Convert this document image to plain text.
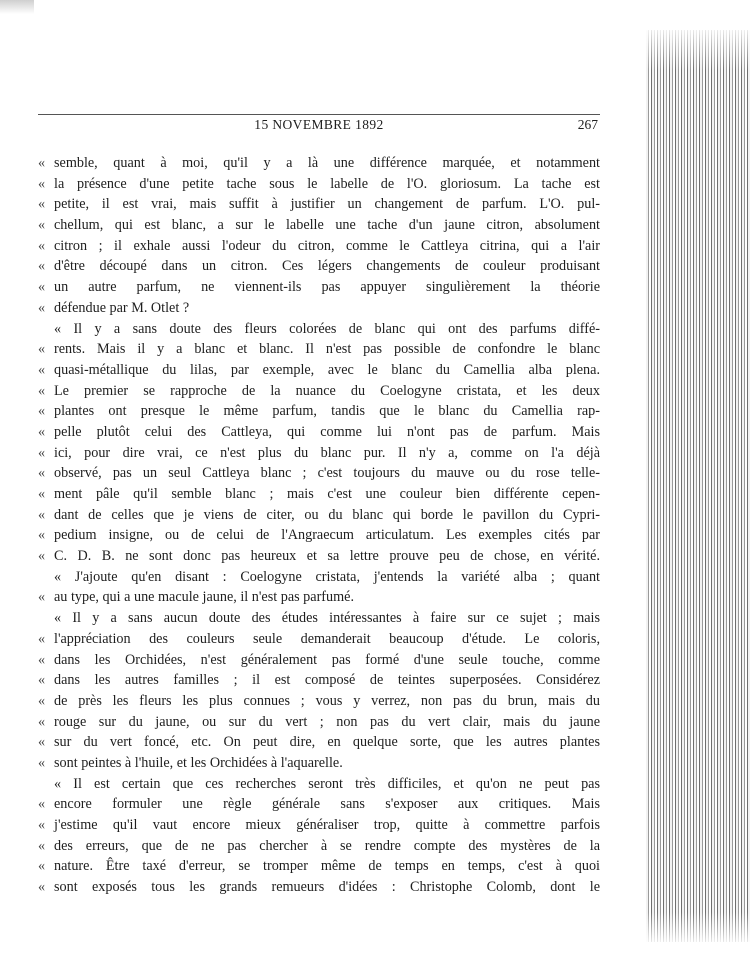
15 NOVEMBRE 1892	267
« semble, quant à moi, qu'il y a là une différence marquée, et notamment
« la présence d'une petite tache sous le labelle de l'O. gloriosum. La tache est
« petite, il est vrai, mais suffit à justifier un changement de parfum. L'O. pul-
« chellum, qui est blanc, a sur le labelle une tache d'un jaune citron, absolument
« citron ; il exhale aussi l'odeur du citron, comme le Cattleya citrina, qui a l'air
« d'être découpé dans un citron. Ces légers changements de couleur produisant
« un autre parfum, ne viennent-ils pas appuyer singulièrement la théorie
« défendue par M. Otlet ?
« Il y a sans doute des fleurs colorées de blanc qui ont des parfums diffé-
« rents. Mais il y a blanc et blanc. Il n'est pas possible de confondre le blanc
« quasi-métallique du lilas, par exemple, avec le blanc du Camellia alba plena.
« Le premier se rapproche de la nuance du Coelogyne cristata, et les deux
« plantes ont presque le même parfum, tandis que le blanc du Camellia rap-
« pelle plutôt celui des Cattleya, qui comme lui n'ont pas de parfum. Mais
« ici, pour dire vrai, ce n'est plus du blanc pur. Il n'y a, comme on l'a déjà
« observé, pas un seul Cattleya blanc ; c'est toujours du mauve ou du rose telle-
« ment pâle qu'il semble blanc ; mais c'est une couleur bien différente cepen-
« dant de celles que je viens de citer, ou du blanc qui borde le pavillon du Cypri-
« pedium insigne, ou de celui de l'Angraecum articulatum. Les exemples cités par
« C. D. B. ne sont donc pas heureux et sa lettre prouve peu de chose, en vérité.
« J'ajoute qu'en disant : Coelogyne cristata, j'entends la variété alba ; quant
« au type, qui a une macule jaune, il n'est pas parfumé.
« Il y a sans aucun doute des études intéressantes à faire sur ce sujet ; mais
« l'appréciation des couleurs seule demanderait beaucoup d'étude. Le coloris,
« dans les Orchidées, n'est généralement pas formé d'une seule touche, comme
« dans les autres familles ; il est composé de teintes superposées. Considérez
« de près les fleurs les plus connues ; vous y verrez, non pas du brun, mais du
« rouge sur du jaune, ou sur du vert ; non pas du vert clair, mais du jaune
« sur du vert foncé, etc. On peut dire, en quelque sorte, que les autres plantes
« sont peintes à l'huile, et les Orchidées à l'aquarelle.
« Il est certain que ces recherches seront très difficiles, et qu'on ne peut pas
« encore formuler une règle générale sans s'exposer aux critiques. Mais
« j'estime qu'il vaut encore mieux généraliser trop, quitte à commettre parfois
« des erreurs, que de ne pas chercher à se rendre compte des mystères de la
« nature. Être taxé d'erreur, se tromper même de temps en temps, c'est à quoi
« sont exposés tous les grands remueurs d'idées : Christophe Colomb, dont le
